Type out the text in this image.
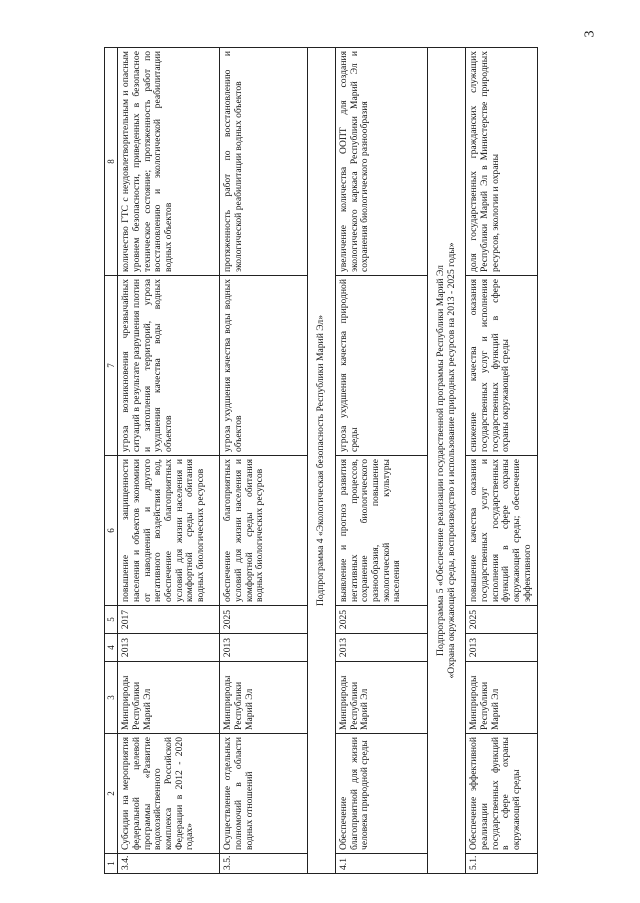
3
1	2	3	4	5	6	7	8
3.4.	Субсидии на мероприятия федеральной целевой программы «Развитие водохозяйственного комплекса Российской Федерации в 2012 - 2020 годах»	Минприроды Республики Марий Эл	2013	2017	повышение защищенности населения и объектов экономики от наводнений и другого негативного воздействия вод, обеспечение благоприятных условий для жизни населения и комфортной среды обитания водных биологических ресурсов	угроза возникновения чрезвычайных ситуаций в результате разрушения плотин и затопления территорий, угроза ухудшения качества воды водных объектов	количество ГТС с неудовлетворительным и опасным уровнем безопасности, приведенных в безопасное техническое состояние; протяженность работ по восстановлению и экологической реабилитации водных объектов
3.5.	Осуществление отдельных полномочий в области водных отношений	Минприроды Республики Марий Эл	2013	2025	обеспечение благоприятных условий для жизни населения и комфортной среды обитания водных биологических ресурсов	угроза ухудшения качества воды водных объектов	протяженность работ по восстановлению и экологической реабилитации водных объектов
Подпрограмма 4 «Экологическая безопасность Республики Марий Эл»							
4.1	Обеспечение благоприятной для жизни человека природной среды	Минприроды Республики Марий Эл	2013	2025	выявление и прогноз развития негативных процессов, сохранение биологического разнообразия, повышение экологической культуры населения	угроза ухудшения качества природной среды	увеличение количества ООПТ для создания экологического каркаса Республики Марий Эл и сохранения биологического разнообразия

Подпрограмма 5 «Обеспечение реализации государственной программы Республики Марий Эл «Охрана окружающей среды, воспроизводство и использование природных ресурсов на 2013 - 2025 годы»							

5.1.	Обеспечение эффективной реализации государственных функций в сфере охраны окружающей среды	Минприроды Республики Марий Эл	2013	2025	повышение качества оказания государственных услуг и исполнения государственных функций в сфере охраны окружающей среды; обеспечение эффективного	снижение качества оказания государственных услуг и исполнения государственных функций в сфере охраны окружающей среды	доля государственных гражданских служащих Республики Марий Эл в Министерстве природных ресурсов, экологии и охраны
